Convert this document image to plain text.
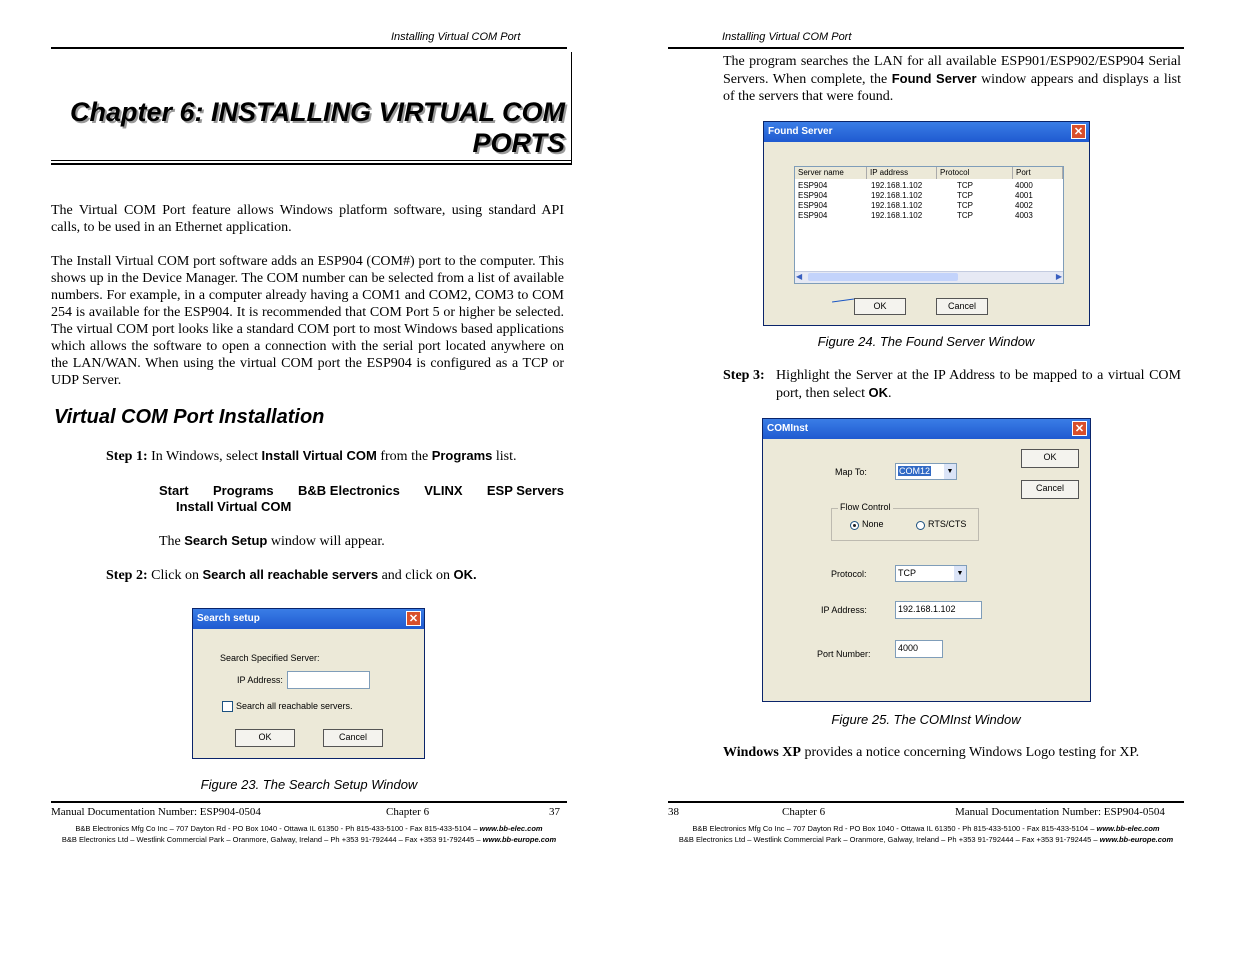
Installing Virtual COM Port
Chapter 6: INSTALLING VIRTUAL COM
PORTS
The Virtual COM Port feature allows Windows platform software, using standard API calls, to be used in an Ethernet application.
The Install Virtual COM port software adds an ESP904 (COM#) port to the computer. This shows up in the Device Manager. The COM number can be selected from a list of available numbers. For example, in a computer already having a COM1 and COM2, COM3 to COM 254 is available for the ESP904. It is recommended that COM Port 5 or higher be selected. The virtual COM port looks like a standard COM port to most Windows based applications which allows the software to open a connection with the serial port located anywhere on the LAN/WAN. When using the virtual COM port the ESP904 is configured as a TCP or UDP Server.
Virtual COM Port Installation
Step 1: In Windows, select Install Virtual COM from the Programs list.
Start Programs B&B Electronics VLINX ESP Servers
Install Virtual COM
The Search Setup window will appear.
Step 2: Click on Search all reachable servers and click on OK.
Search setup	✕
Search Specified Server:
IP Address:
Search all reachable servers.
OK	Cancel
Figure 23. The Search Setup Window
Manual Documentation Number: ESP904-0504	Chapter 6	37
B&B Electronics Mfg Co Inc – 707 Dayton Rd - PO Box 1040 - Ottawa IL 61350 - Ph 815-433-5100 - Fax 815-433-5104 – www.bb-elec.com
B&B Electronics Ltd – Westlink Commercial Park – Oranmore, Galway, Ireland – Ph +353 91-792444 – Fax +353 91-792445 – www.bb-europe.com
Installing Virtual COM Port
The program searches the LAN for all available ESP901/ESP902/ESP904 Serial Servers. When complete, the Found Server window appears and displays a list of the servers that were found.
Found Server	✕
Server name	IP address	Protocol	Port
ESP904	192.168.1.102	TCP	4000
ESP904	192.168.1.102	TCP	4001
ESP904	192.168.1.102	TCP	4002
ESP904	192.168.1.102	TCP	4003
◀	▶
OK	Cancel
Figure 24. The Found Server Window
Step 3: Highlight the Server at the IP Address to be mapped to a virtual COM port, then select OK.
COMInst	✕
Map To:	COM12	▼
OK
Cancel
Flow Control
None	RTS/CTS
Protocol:	TCP	▼
IP Address:	192.168.1.102
Port Number:
4000
Figure 25. The COMInst Window
Windows XP provides a notice concerning Windows Logo testing for XP.
38	Chapter 6	Manual Documentation Number: ESP904-0504
B&B Electronics Mfg Co Inc – 707 Dayton Rd - PO Box 1040 - Ottawa IL 61350 - Ph 815-433-5100 - Fax 815-433-5104 – www.bb-elec.com
B&B Electronics Ltd – Westlink Commercial Park – Oranmore, Galway, Ireland – Ph +353 91-792444 – Fax +353 91-792445 – www.bb-europe.com
